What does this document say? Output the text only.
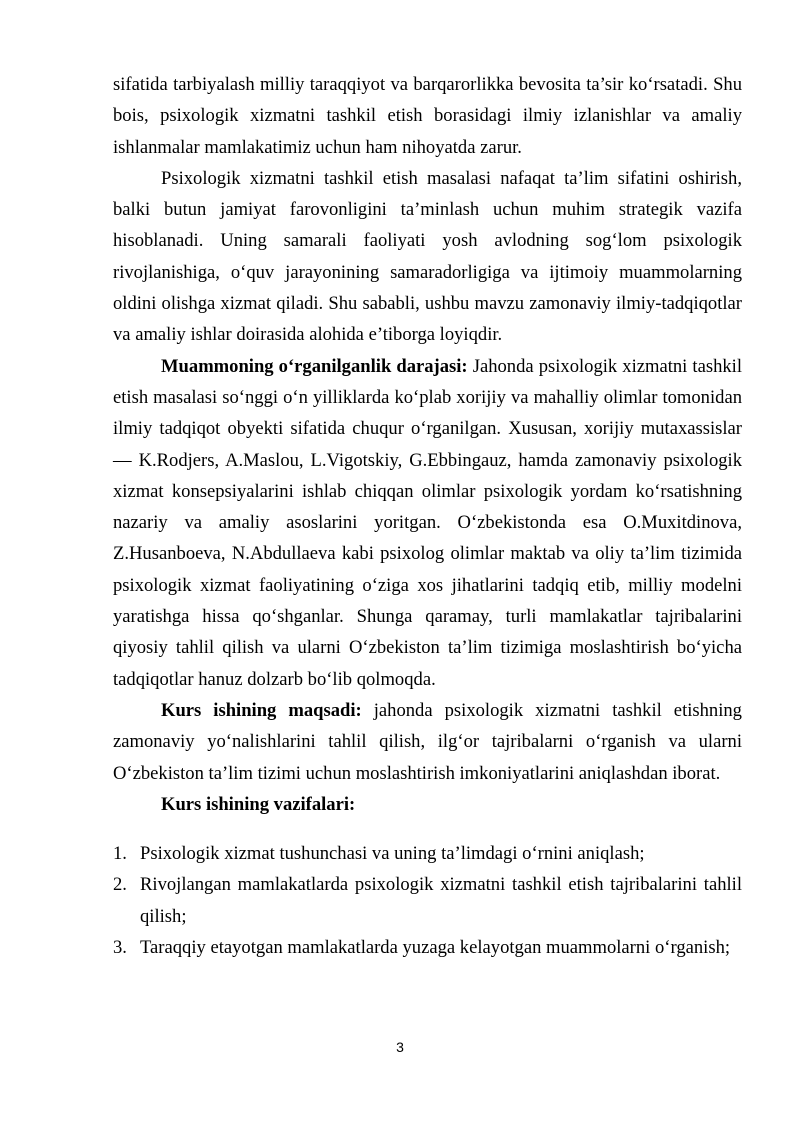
sifatida tarbiyalash milliy taraqqiyot va barqarorlikka bevosita ta’sir ko‘rsatadi. Shu bois, psixologik xizmatni tashkil etish borasidagi ilmiy izlanishlar va amaliy ishlanmalar mamlakatimiz uchun ham nihoyatda zarur.

Psixologik xizmatni tashkil etish masalasi nafaqat ta’lim sifatini oshirish, balki butun jamiyat farovonligini ta’minlash uchun muhim strategik vazifa hisoblanadi. Uning samarali faoliyati yosh avlodning sog‘lom psixologik rivojlanishiga, o‘quv jarayonining samaradorligiga va ijtimoiy muammolarning oldini olishga xizmat qiladi. Shu sababli, ushbu mavzu zamonaviy ilmiy-tadqiqotlar va amaliy ishlar doirasida alohida e’tiborga loyiqdir.

Muammoning o‘rganilganlik darajasi: Jahonda psixologik xizmatni tashkil etish masalasi so‘nggi o‘n yilliklarda ko‘plab xorijiy va mahalliy olimlar tomonidan ilmiy tadqiqot obyekti sifatida chuqur o‘rganilgan. Xususan, xorijiy mutaxassislar — K.Rodjers, A.Maslou, L.Vigotskiy, G.Ebbingauz, hamda zamonaviy psixologik xizmat konsepsiyalarini ishlab chiqqan olimlar psixologik yordam ko‘rsatishning nazariy va amaliy asoslarini yoritgan. O‘zbekistonda esa O.Muxitdinova, Z.Husanboeva, N.Abdullaeva kabi psixolog olimlar maktab va oliy ta’lim tizimida psixologik xizmat faoliyatining o‘ziga xos jihatlarini tadqiq etib, milliy modelni yaratishga hissa qo‘shganlar. Shunga qaramay, turli mamlakatlar tajribalarini qiyosiy tahlil qilish va ularni O‘zbekiston ta’lim tizimiga moslashtirish bo‘yicha tadqiqotlar hanuz dolzarb bo‘lib qolmoqda.

Kurs ishining maqsadi: jahonda psixologik xizmatni tashkil etishning zamonaviy yo‘nalishlarini tahlil qilish, ilg‘or tajribalarni o‘rganish va ularni O‘zbekiston ta’lim tizimi uchun moslashtirish imkoniyatlarini aniqlashdan iborat.

Kurs ishining vazifalari:
1. Psixologik xizmat tushunchasi va uning ta’limdagi o‘rnini aniqlash;
2. Rivojlangan mamlakatlarda psixologik xizmatni tashkil etish tajribalarini tahlil qilish;
3. Taraqqiy etayotgan mamlakatlarda yuzaga kelayotgan muammolarni o‘rganish;
3
